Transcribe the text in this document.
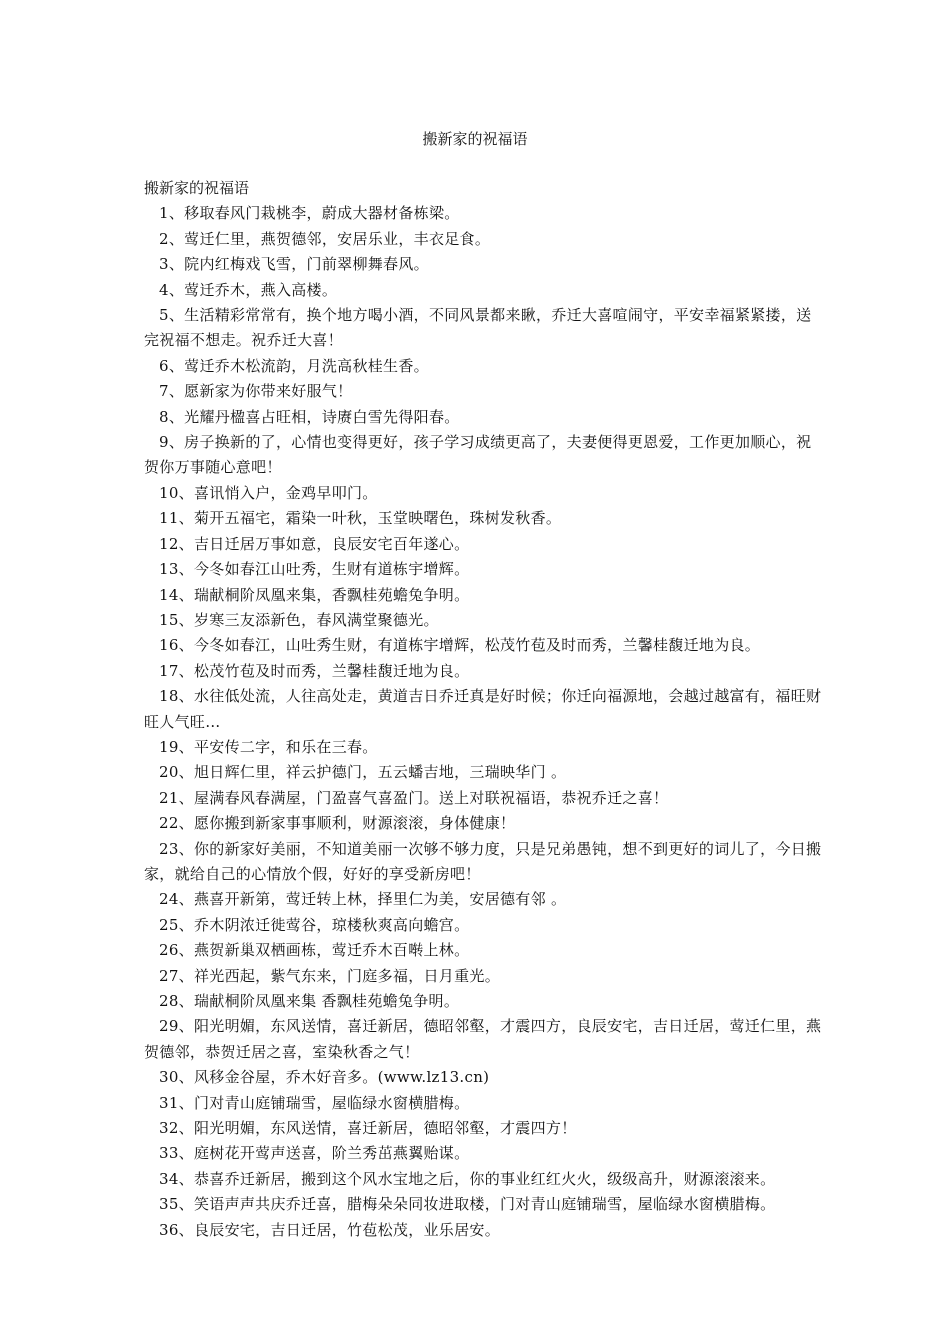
搬新家的祝福语

搬新家的祝福语

1、移取春风门栽桃李，蔚成大器材备栋梁。

2、莺迁仁里，燕贺德邻，安居乐业，丰衣足食。

3、院内红梅戏飞雪，门前翠柳舞春风。

4、莺迁乔木，燕入高楼。

5、生活精彩常常有，换个地方喝小酒，不同风景都来瞅，乔迁大喜喧闹守，平安幸福紧紧搂，送完祝福不想走。祝乔迁大喜！

6、莺迁乔木松流韵，月洗高秋桂生香。

7、愿新家为你带来好服气！

8、光耀丹楹喜占旺相，诗赓白雪先得阳春。

9、房子换新的了，心情也变得更好，孩子学习成绩更高了，夫妻便得更恩爱，工作更加顺心，祝贺你万事随心意吧！

10、喜讯悄入户，金鸡早叩门。

11、菊开五福宅，霜染一叶秋，玉堂映曙色，珠树发秋香。

12、吉日迁居万事如意，良辰安宅百年遂心。

13、今冬如春江山吐秀，生财有道栋宇增辉。

14、瑞献桐阶凤凰来集，香飘桂苑蟾兔争明。

15、岁寒三友添新色，春风满堂聚德光。

16、今冬如春江，山吐秀生财，有道栋宇增辉，松茂竹苞及时而秀，兰馨桂馥迁地为良。

17、松茂竹苞及时而秀，兰馨桂馥迁地为良。

18、水往低处流，人往高处走，黄道吉日乔迁真是好时候；你迁向福源地，会越过越富有，福旺财旺人气旺…

19、平安传二字，和乐在三春。

20、旭日辉仁里，祥云护德门，五云蟠吉地，三瑞映华门 。

21、屋满春风春满屋，门盈喜气喜盈门。送上对联祝福语，恭祝乔迁之喜！

22、愿你搬到新家事事顺利，财源滚滚，身体健康！

23、你的新家好美丽，不知道美丽一次够不够力度，只是兄弟愚钝，想不到更好的词儿了，今日搬家，就给自己的心情放个假，好好的享受新房吧！

24、燕喜开新第，莺迁转上林，择里仁为美，安居德有邻 。

25、乔木阴浓迁徙莺谷，琼楼秋爽高向蟾宫。

26、燕贺新巢双栖画栋，莺迁乔木百啭上林。

27、祥光西起，紫气东来，门庭多福，日月重光。

28、瑞献桐阶凤凰来集 香飘桂苑蟾兔争明。

29、阳光明媚，东风送情，喜迁新居，德昭邻壑，才震四方，良辰安宅，吉日迁居，莺迁仁里，燕贺德邻，恭贺迁居之喜，室染秋香之气！

30、风移金谷屋，乔木好音多。(www.lz13.cn)

31、门对青山庭铺瑞雪，屋临绿水窗横腊梅。

32、阳光明媚，东风送情，喜迁新居，德昭邻壑，才震四方！

33、庭树花开莺声送喜，阶兰秀茁燕翼贻谋。

34、恭喜乔迁新居，搬到这个风水宝地之后，你的事业红红火火，级级高升，财源滚滚来。

35、笑语声声共庆乔迁喜，腊梅朵朵同妆进取楼，门对青山庭铺瑞雪，屋临绿水窗横腊梅。

36、良辰安宅，吉日迁居，竹苞松茂，业乐居安。
